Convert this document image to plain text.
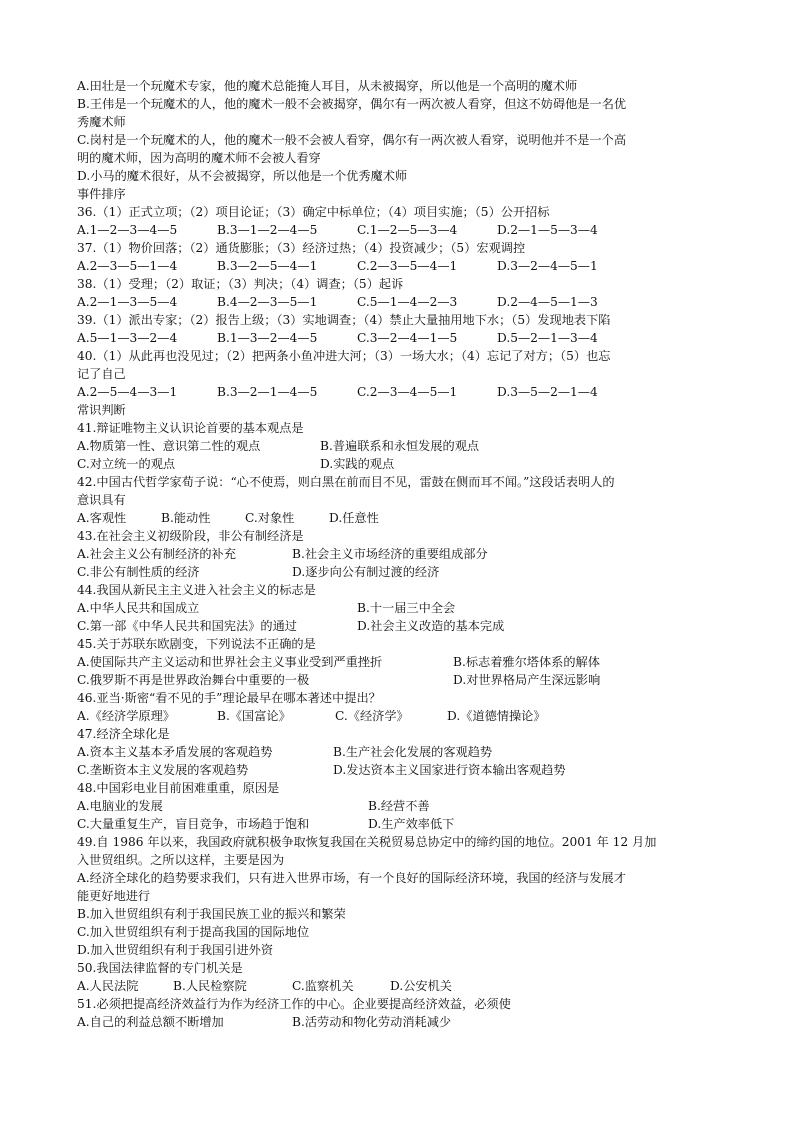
A.田壮是一个玩魔术专家，他的魔术总能掩人耳目，从未被揭穿，所以他是一个高明的魔术师
B.王伟是一个玩魔术的人，他的魔术一般不会被揭穿，偶尔有一两次被人看穿，但这不妨碍他是一名优
秀魔术师
C.岗村是一个玩魔术的人，他的魔术一般不会被人看穿，偶尔有一两次被人看穿，说明他并不是一个高
明的魔术师，因为高明的魔术师不会被人看穿
D.小马的魔术很好，从不会被揭穿，所以他是一个优秀魔术师
事件排序
36.（1）正式立项；（2）项目论证；（3）确定中标单位；（4）项目实施；（5）公开招标
A.1—2—3—4—5	B.3—1—2—4—5	C.1—2—5—3—4	D.2—1—5—3—4
37.（1）物价回落；（2）通货膨胀；（3）经济过热；（4）投资减少；（5）宏观调控
A.2—3—5—1—4	B.3—2—5—4—1	C.2—3—5—4—1	D.3—2—4—5—1
38.（1）受理；（2）取证；（3）判决；（4）调查；（5）起诉
A.2—1—3—5—4	B.4—2—3—5—1	C.5—1—4—2—3	D.2—4—5—1—3
39.（1）派出专家；（2）报告上级；（3）实地调查；（4）禁止大量抽用地下水；（5）发现地表下陷
A.5—1—3—2—4	B.1—3—2—4—5	C.3—2—4—1—5	D.5—2—1—3—4
40.（1）从此再也没见过；（2）把两条小鱼冲进大河；（3）一场大水；（4）忘记了对方；（5）也忘
记了自己
A.2—5—4—3—1	B.3—2—1—4—5	C.2—3—4—5—1	D.3—5—2—1—4
常识判断
41.辩证唯物主义认识论首要的基本观点是
A.物质第一性、意识第二性的观点	B.普遍联系和永恒发展的观点
C.对立统一的观点	D.实践的观点
42.中国古代哲学家荀子说：“心不使焉，则白黑在前而目不见，雷鼓在侧而耳不闻。”这段话表明人的
意识具有
A.客观性	B.能动性	C.对象性	D.任意性
43.在社会主义初级阶段，非公有制经济是
A.社会主义公有制经济的补充	B.社会主义市场经济的重要组成部分
C.非公有制性质的经济	D.逐步向公有制过渡的经济
44.我国从新民主主义进入社会主义的标志是
A.中华人民共和国成立	B.十一届三中全会
C.第一部《中华人民共和国宪法》的通过	D.社会主义改造的基本完成
45.关于苏联东欧剧变，下列说法不正确的是
A.使国际共产主义运动和世界社会主义事业受到严重挫折	B.标志着雅尔塔体系的解体
C.俄罗斯不再是世界政治舞台中重要的一极	D.对世界格局产生深远影响
46.亚当·斯密“看不见的手”理论最早在哪本著述中提出？
A.《经济学原理》	B.《国富论》	C.《经济学》	D.《道德情操论》
47.经济全球化是
A.资本主义基本矛盾发展的客观趋势	B.生产社会化发展的客观趋势
C.垄断资本主义发展的客观趋势	D.发达资本主义国家进行资本输出客观趋势
48.中国彩电业目前困难重重，原因是
A.电脑业的发展	B.经营不善
C.大量重复生产，盲目竞争，市场趋于饱和	D.生产效率低下
49.自 1986 年以来，我国政府就积极争取恢复我国在关税贸易总协定中的缔约国的地位。2001 年 12 月加
入世贸组织。之所以这样，主要是因为
A.经济全球化的趋势要求我们，只有进入世界市场，有一个良好的国际经济环境，我国的经济与发展才
能更好地进行
B.加入世贸组织有利于我国民族工业的振兴和繁荣
C.加入世贸组织有利于提高我国的国际地位
D.加入世贸组织有利于我国引进外资
50.我国法律监督的专门机关是
A.人民法院	B.人民检察院	C.监察机关	D.公安机关
51.必须把提高经济效益行为作为经济工作的中心。企业要提高经济效益，必须使
A.自己的利益总额不断增加	B.活劳动和物化劳动消耗减少
